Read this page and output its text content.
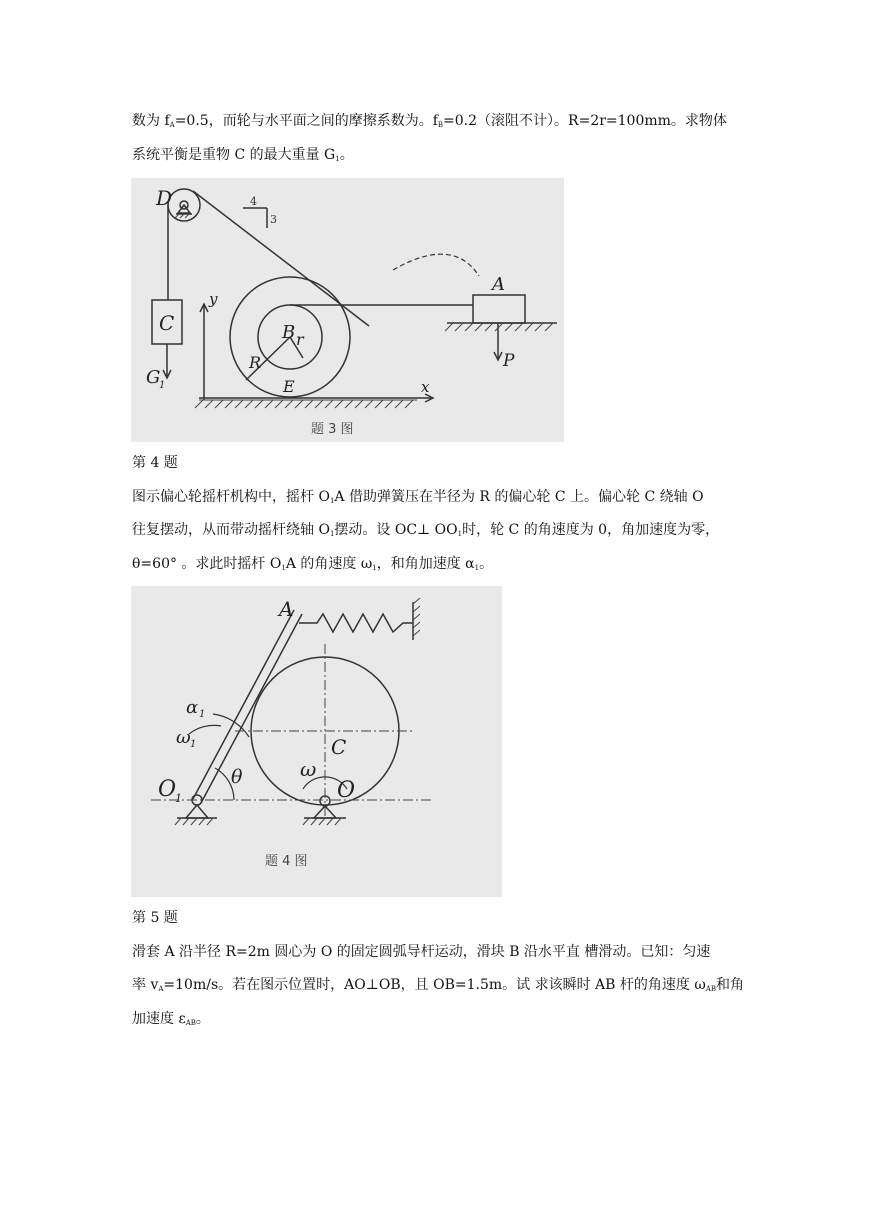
数为 $f_A=0.5$，而轮与水平面之间的摩擦系数为。$f_B=0.2$（滚阻不计）。R=2r=100mm。求物体
系统平衡是重物 C 的最大重量 $G_1$。
D
C
G
1
y
x
B r
R
E
A
P
4
3
题 3 图
第 4 题
图示偏心轮摇杆机构中，摇杆 $O_1A$ 借助弹簧压在半径为 R 的偏心轮 C 上。偏心轮 C 绕轴 O
往复摆动，从而带动摇杆绕轴 $O_1$摆动。设 OC⊥ $OO_1$时，轮 C 的角速度为 0，角加速度为零，
θ=60° 。求此时摇杆 $O_1A$ 的角速度 $\omega_1$，和角加速度 $\alpha_1$。
A
α 1
ω 1
θ
O
1
C
ω
O
题 4 图
第 5 题
滑套 A 沿半径 R=2m 圆心为 O 的固定圆弧导杆运动，滑块 B 沿水平直 槽滑动。已知：匀速
率 $v_A=10m/s$。若在图示位置时，AO⊥OB，且 OB=1.5m。试 求该瞬时 AB 杆的角速度 $\omega_{AB}$和角
加速度 $\varepsilon_{AB}$。
